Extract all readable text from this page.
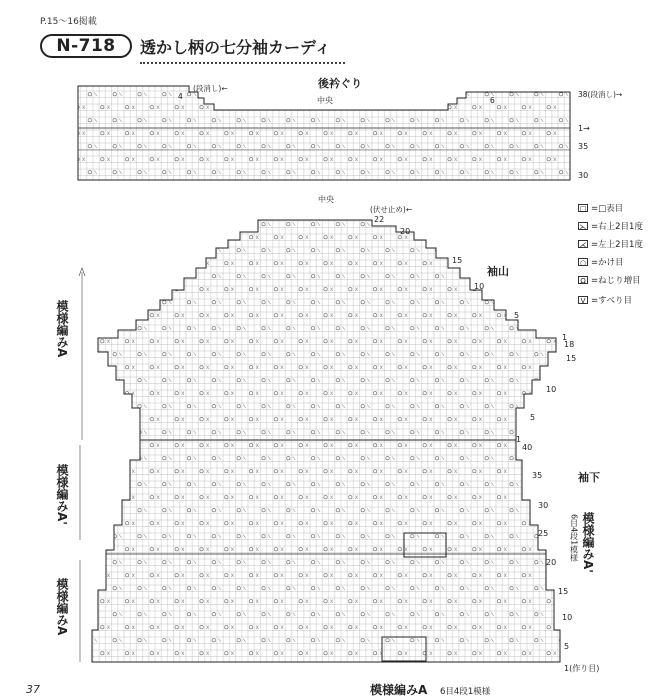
P.15～16掲載
N-718	透かし柄の七分袖カーディ
37
後衿ぐり
中央
(段消し)←
4	6
38(段消し)→
1→
35
30
中央
(伏せ止め)←
22
20
15
袖山
10
5
1
18
15
10
5
1
40
35	袖下
30
25
20
15
10
5
1(作り目)
模様編みA
模様編みA'
模様編みA
模様編みA'
6目4段1模様
模様編みA 6目4段1模様
□ =□表目
⋋ =右上2目1度
⋌ =左上2目1度
○ =かけ目
Ω =ねじり増目
V =すべり目
